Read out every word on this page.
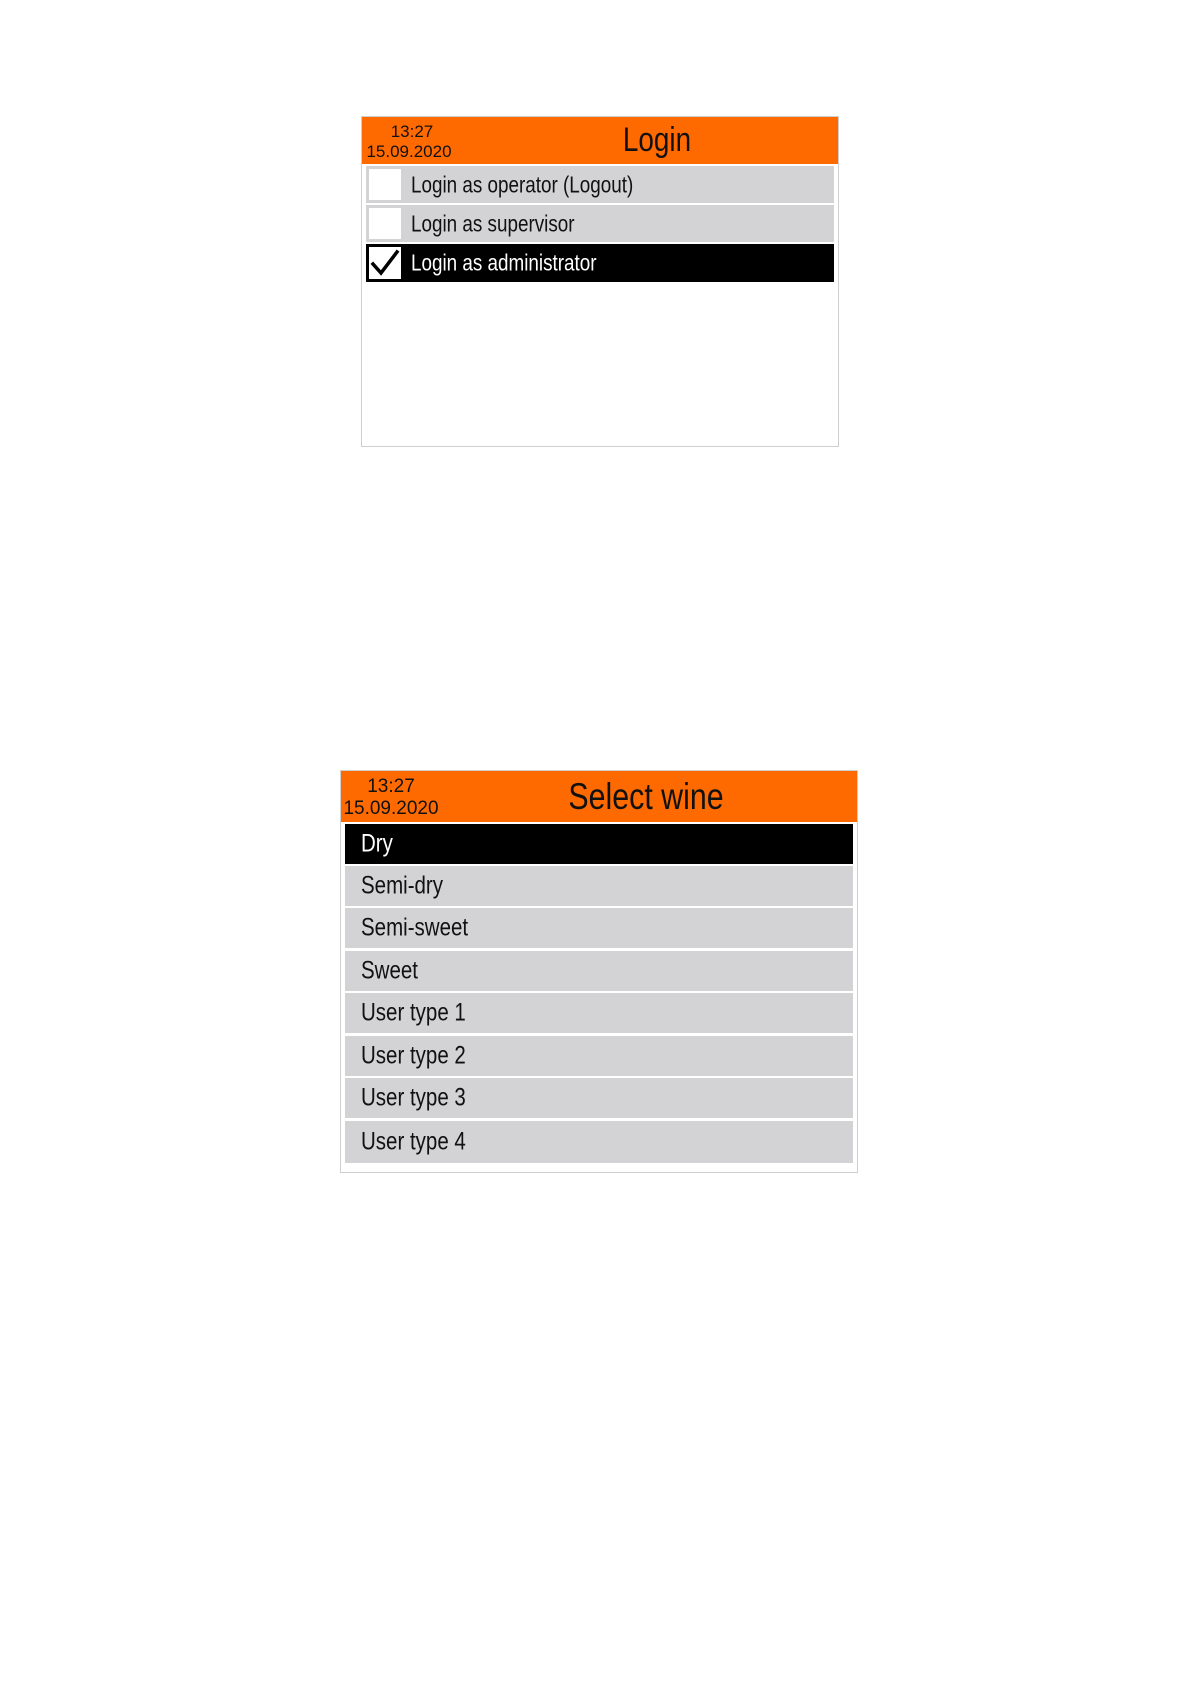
13:27
15.09.2020	Login
Login as operator (Logout)
Login as supervisor
Login as administrator
13:27
15.09.2020	Select wine
Dry
Semi-dry
Semi-sweet
Sweet
User type 1
User type 2
User type 3
User type 4
